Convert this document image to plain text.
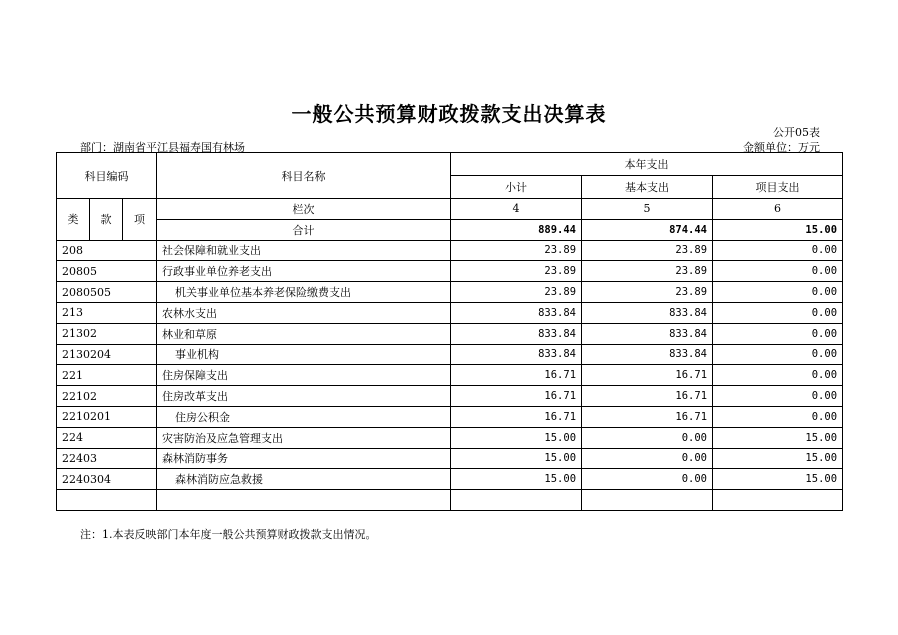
一般公共预算财政拨款支出决算表
公开05表
部门：湖南省平江县福寿国有林场	金额单位：万元
科目编码			科目名称	本年支出		
				小计	基本支出	项目支出
类	款	项	栏次	4	5	6
			合计	889.44	874.44	15.00
208			社会保障和就业支出	23.89	23.89	0.00
20805			行政事业单位养老支出	23.89	23.89	0.00
2080505			机关事业单位基本养老保险缴费支出	23.89	23.89	0.00
213			农林水支出	833.84	833.84	0.00
21302			林业和草原	833.84	833.84	0.00
2130204			事业机构	833.84	833.84	0.00
221			住房保障支出	16.71	16.71	0.00
22102			住房改革支出	16.71	16.71	0.00
2210201			住房公积金	16.71	16.71	0.00
224			灾害防治及应急管理支出	15.00	0.00	15.00
22403			森林消防事务	15.00	0.00	15.00
2240304			森林消防应急救援	15.00	0.00	15.00

注：1.本表反映部门本年度一般公共预算财政拨款支出情况。
